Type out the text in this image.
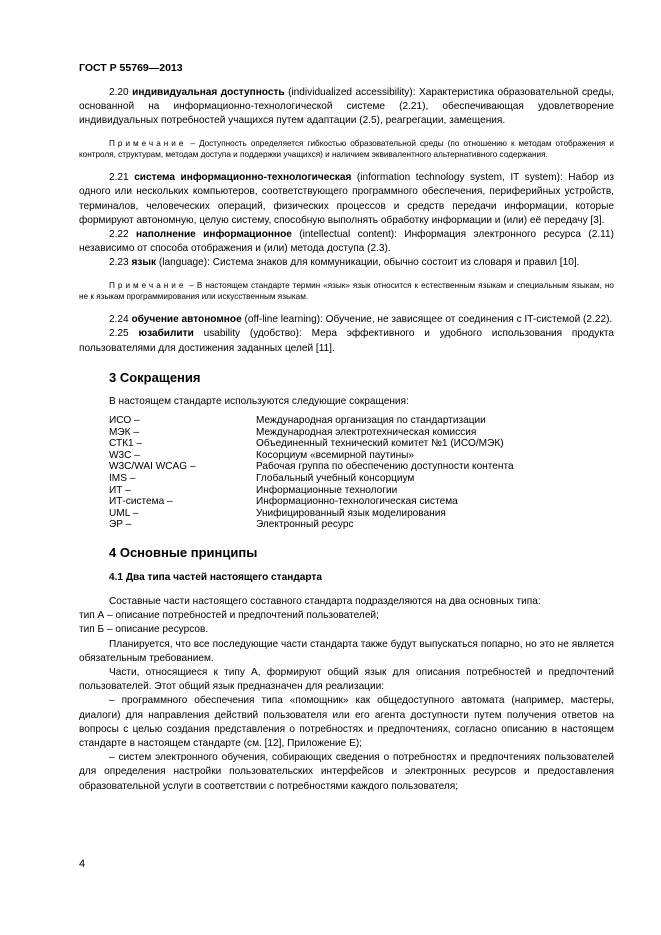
ГОСТ Р 55769—2013

2.20 индивидуальная доступность (individualized accessibility): Характеристика образовательной среды, основанной на информационно-технологической системе (2.21), обеспечивающая удовлетворение индивидуальных потребностей учащихся путем адаптации (2.5), реагрегации, замещения.

Примечание – Доступность определяется гибкостью образовательной среды (по отношению к методам отображения и контроля, структурам, методам доступа и поддержки учащихся) и наличием эквивалентного альтернативного содержания.

2.21 система информационно-технологическая (information technology system, IT system): Набор из одного или нескольких компьютеров, соответствующего программного обеспечения, периферийных устройств, терминалов, человеческих операций, физических процессов и средств передачи информации, которые формируют автономную, целую систему, способную выполнять обработку информации и (или) её передачу [3].

2.22 наполнение информационное (intellectual content): Информация электронного ресурса (2.11) независимо от способа отображения и (или) метода доступа (2.3).

2.23 язык (language): Система знаков для коммуникации, обычно состоит из словаря и правил [10].

Примечание – В настоящем стандарте термин «язык» язык относится к естественным языкам и специальным языкам, но не к языкам программирования или искусственным языкам.

2.24 обучение автономное (off-line learning): Обучение, не зависящее от соединения с IT-системой (2.22).

2.25 юзабилити usability (удобство): Мера эффективного и удобного использования продукта пользователями для достижения заданных целей [11].

3 Сокращения

В настоящем стандарте используются следующие сокращения:

ИСО –	Международная организация по стандартизации
МЭК –	Международная электротехническая комиссия
СТК1 –	Объединенный технический комитет №1 (ИСО/МЭК)
W3C –	Косорциум «всемирной паутины»
W3C/WAI WCAG –	Рабочая группа по обеспечению доступности контента
IMS –	Глобальный учебный консорциум
ИТ –	Информационные технологии
ИТ-система –	Информационно-технологическая система
UML –	Унифицированный язык моделирования
ЭР –	Электронный ресурс
4 Основные принципы
4.1 Два типа частей настоящего стандарта

Составные части настоящего составного стандарта подразделяются на два основных типа:

тип А – описание потребностей и предпочтений пользователей;

тип Б – описание ресурсов.

Планируется, что все последующие части стандарта также будут выпускаться попарно, но это не является обязательным требованием.

Части, относящиеся к типу А, формируют общий язык для описания потребностей и предпочтений пользователей. Этот общий язык предназначен для реализации:

– программного обеспечения типа «помощник» как общедоступного автомата (например, мастеры, диалоги) для направления действий пользователя или его агента доступности путем получения ответов на вопросы с целью создания представления о потребностях и предпочтениях, согласно описанию в настоящем стандарте в настоящем стандарте (см. [12], Приложение Е);

– систем электронного обучения, собирающих сведения о потребностях и предпочтениях пользователей для определения настройки пользовательских интерфейсов и электронных ресурсов и предоставления образовательной услуги в соответствии с потребностями каждого пользователя;

4
